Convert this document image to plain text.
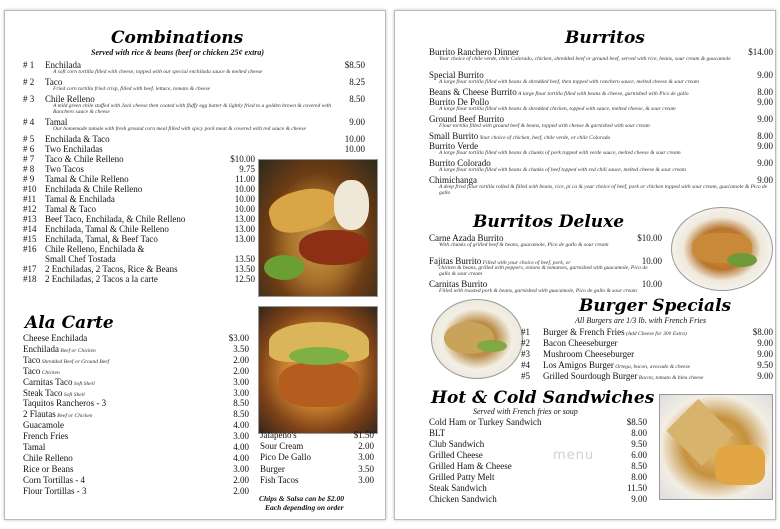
Combinations
Served with rice & beans (beef or chicken 25¢ extra)
# 1 Enchilada	$8.50
A soft corn tortilla filled with cheese, topped with our special enchilada sauce & melted cheese
# 2 Taco	8.25
Fried corn tortilla fried crisp, filled with beef, lettuce, tomato & cheese
# 3 Chile Relleno	8.50
A mild green chile stuffed with Jack cheese then coated with fluffy egg batter & lightly fried to a golden brown & covered with Ranchero sauce & cheese
# 4 Tamal	9.00
Our homemade tamale with fresh ground corn meal filled with spicy pork meat & covered with red sauce & cheese
# 5 Enchilada & Taco	10.00
# 6 Two Enchiladas	10.00
# 7 Taco & Chile Relleno	$10.00
# 8 Two Tacos	9.75
# 9 Tamal & Chile Relleno	11.00
#10 Enchilada & Chile Relleno	10.00
#11 Tamal & Enchilada	10.00
#12 Tamal & Taco	10.00
#13 Beef Taco, Enchilada, & Chile Relleno	13.00
#14 Enchilada, Tamal & Chile Relleno	13.00
#15 Enchilada, Tamal, & Beef Taco	13.00
#16 Chile Relleno, Enchilada &
Small Chef Tostada	13.50
#17 2 Enchiladas, 2 Tacos, Rice & Beans	13.50
#18 2 Enchiladas, 2 Tacos a la carte	12.50
Ala Carte
Cheese Enchilada	$3.00
Enchilada Beef or Chicken	3.50
Taco Shredded Beef or Ground Beef	2.00
Taco Chicken	2.00
Carnitas Taco Soft Shell	3.00
Steak Taco Soft Shell	3.00
Taquitos Rancheros - 3	8.50
2 Flautas Beef or Chicken	8.50
Guacamole	4.00
French Fries	3.00
Tamal	4.00
Chile Relleno	4.00
Rice or Beans	3.00
Corn Tortillas - 4	2.00
Flour Tortillas - 3	2.00
Jalapeno's	$1.50
Sour Cream	2.00
Pico De Gallo	3.00
Burger	3.50
Fish Tacos	3.00
Chips & Salsa can be $2.00
Each depending on order
Burritos
Burrito Ranchero Dinner	$14.00
Your choice of chile verde, chile Colorado, chicken, shredded beef or ground beef, served with rice, beans, sour cream & guacamole
Special Burrito	9.00
A large flour tortilla filled with beans & shredded beef, then topped with ranchero sauce, melted cheese & sour cream
Beans & Cheese Burrito A large flour tortilla filled with beans & cheese, garnished with Pico de gallo	8.00
Burrito De Pollo	9.00
A large flour tortilla filled with beans & shredded chicken, topped with sauce, melted cheese, & sour cream
Ground Beef Burrito	9.00
Flour tortilla filled with ground beef & beans, topped with cheese & garnished with sour cream
Small Burrito Your choice of chicken, beef, chile verde, or chile Colorado	8.00
Burrito Verde	9.00
A large flour tortilla filled with beans & chunks of pork topped with verde sauce, melted cheese & sour cream
Burrito Colorado	9.00
A large flour tortilla filled with beans & chunks of beef topped with red chili sauce, melted cheese & sour cream
Chimichanga	9.00
A deep fried flour tortilla rolled & filled with beans, rice, pi ca & your choice of beef, pork or chicken topped with sour cream, guacamole & Pico de gallo
Burritos Deluxe
Carne Azada Burrito	$10.00
With chunks of grilled beef & beans, guacamole, Pico de gallo & sour cream
Fajitas Burrito Filled with your choice of beef, pork, or	10.00
chicken & beans, grilled with peppers, onions & tomatoes, garnished with guacamole, Pico de gallo & sour cream
Carnitas Burrito	10.00
Filled with roasted pork & beans, garnished with guacamole, Pico de gallo & sour cream
Burger Specials
All Burgers are 1/3 lb. with French Fries
#1 Burger & French Fries (Add Cheese for 30¢ Extra)	$8.00
#2 Bacon Cheeseburger	9.00
#3 Mushroom Cheeseburger	9.00
#4 Los Amigos Burger Ortega, bacon, avocado & cheese	9.50
#5 Grilled Sourdough Burger Bacon, tomato & bleu cheese	9.00
Hot & Cold Sandwiches
Served with French fries or soup
Cold Ham or Turkey Sandwich	$8.50
BLT	8.00
Club Sandwich	9.50
Grilled Cheese	6.00
Grilled Ham & Cheese	8.50
Grilled Patty Melt	8.00
Steak Sandwich	11.50
Chicken Sandwich	9.00
menu
